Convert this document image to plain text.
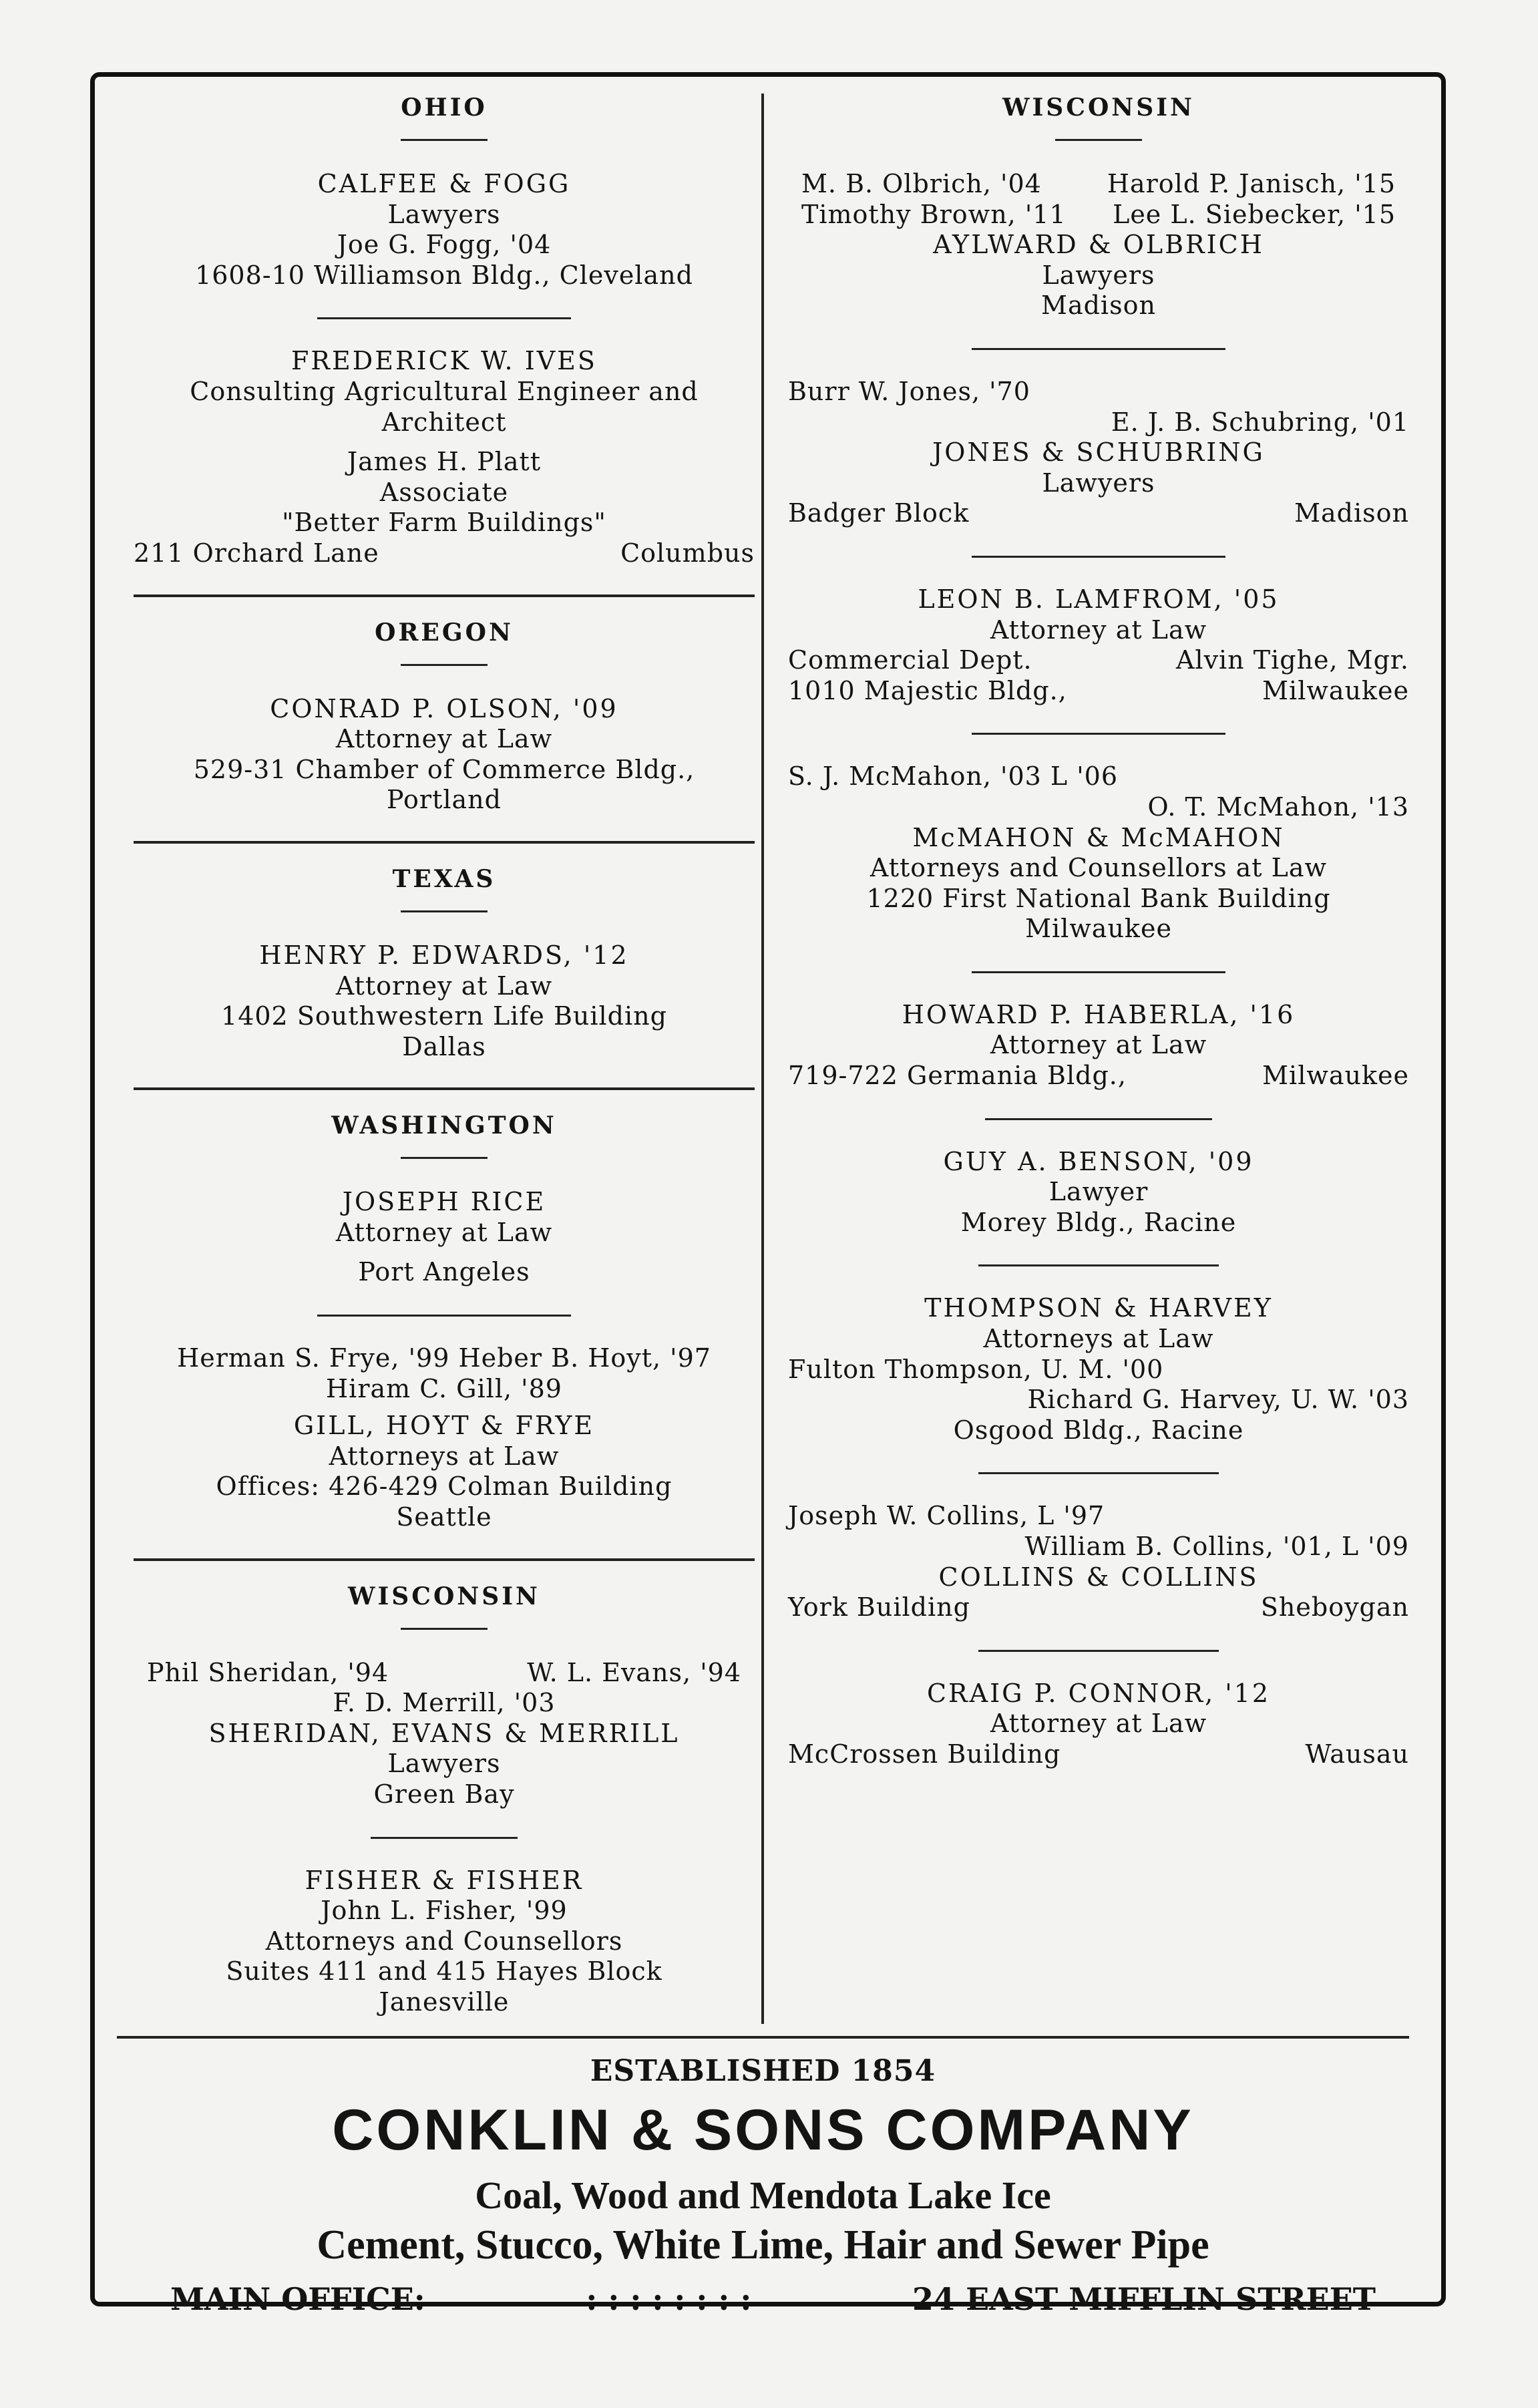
OHIO

CALFEE & FOGG

Lawyers

Joe G. Fogg, '04

1608-10 Williamson Bldg., Cleveland

FREDERICK W. IVES

Consulting Agricultural Engineer and Architect

James H. Platt

Associate

"Better Farm Buildings"

211 Orchard Lane	Columbus

OREGON

CONRAD P. OLSON, '09

Attorney at Law

529-31 Chamber of Commerce Bldg.,

Portland

TEXAS

HENRY P. EDWARDS, '12

Attorney at Law

1402 Southwestern Life Building

Dallas

WASHINGTON

JOSEPH RICE

Attorney at Law

Port Angeles

Herman S. Frye, '99 Heber B. Hoyt, '97

Hiram C. Gill, '89

GILL, HOYT & FRYE

Attorneys at Law

Offices: 426-429 Colman Building

Seattle

WISCONSIN

Phil Sheridan, '94	W. L. Evans, '94

F. D. Merrill, '03

SHERIDAN, EVANS & MERRILL

Lawyers

Green Bay

FISHER & FISHER

John L. Fisher, '99

Attorneys and Counsellors

Suites 411 and 415 Hayes Block

Janesville

WISCONSIN

M. B. Olbrich, '04	Harold P. Janisch, '15
Timothy Brown, '11 Lee L. Siebecker, '15

AYLWARD & OLBRICH

Lawyers

Madison

Burr W. Jones, '70
E. J. B. Schubring, '01

JONES & SCHUBRING

Lawyers

Badger Block	Madison

LEON B. LAMFROM, '05

Attorney at Law

Commercial Dept.	Alvin Tighe, Mgr.
1010 Majestic Bldg.,	Milwaukee
S. J. McMahon, '03 L '06
O. T. McMahon, '13

McMAHON & McMAHON

Attorneys and Counsellors at Law

1220 First National Bank Building

Milwaukee

HOWARD P. HABERLA, '16

Attorney at Law

719-722 Germania Bldg.,	Milwaukee

GUY A. BENSON, '09

Lawyer

Morey Bldg., Racine

THOMPSON & HARVEY

Attorneys at Law

Fulton Thompson, U. M. '00
Richard G. Harvey, U. W. '03

Osgood Bldg., Racine

Joseph W. Collins, L '97
William B. Collins, '01, L '09

COLLINS & COLLINS

York Building	Sheboygan

CRAIG P. CONNOR, '12

Attorney at Law

McCrossen Building	Wausau
ESTABLISHED 1854
CONKLIN & SONS COMPANY
Coal, Wood and Mendota Lake Ice
Cement, Stucco, White Lime, Hair and Sewer Pipe
MAIN OFFICE:	: : : : : : : :	24 EAST MIFFLIN STREET
